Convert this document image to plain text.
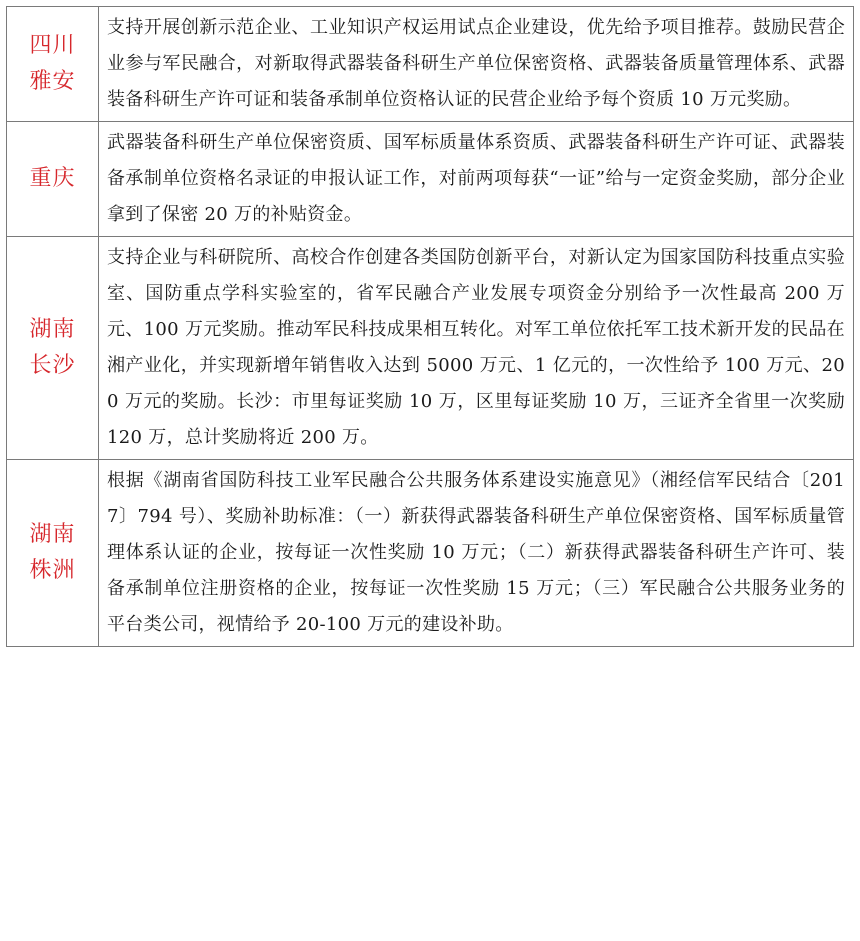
四川
雅安	支持开展创新示范企业、工业知识产权运用试点企业建设，优先给予项目推荐。鼓励民营企业参与军民融合，对新取得武器装备科研生产单位保密资格、武器装备质量管理体系、武器装备科研生产许可证和装备承制单位资格认证的民营企业给予每个资质 10 万元奖励。

重庆	武器装备科研生产单位保密资质、国军标质量体系资质、武器装备科研生产许可证、武器装备承制单位资格名录证的申报认证工作，对前两项每获“一证”给与一定资金奖励，部分企业拿到了保密 20 万的补贴资金。

湖南
长沙	支持企业与科研院所、高校合作创建各类国防创新平台，对新认定为国家国防科技重点实验室、国防重点学科实验室的，省军民融合产业发展专项资金分别给予一次性最高 200 万元、100 万元奖励。推动军民科技成果相互转化。对军工单位依托军工技术新开发的民品在湘产业化，并实现新增年销售收入达到 5000 万元、1 亿元的，一次性给予 100 万元、200 万元的奖励。长沙：市里每证奖励 10 万，区里每证奖励 10 万，三证齐全省里一次奖励 120 万，总计奖励将近 200 万。

湖南
株洲	根据《湖南省国防科技工业军民融合公共服务体系建设实施意见》（湘经信军民结合〔2017〕794 号）、奖励补助标准：（一）新获得武器装备科研生产单位保密资格、国军标质量管理体系认证的企业，按每证一次性奖励 10 万元；（二）新获得武器装备科研生产许可、装备承制单位注册资格的企业，按每证一次性奖励 15 万元；（三）军民融合公共服务业务的平台类公司，视情给予 20-100 万元的建设补助。
